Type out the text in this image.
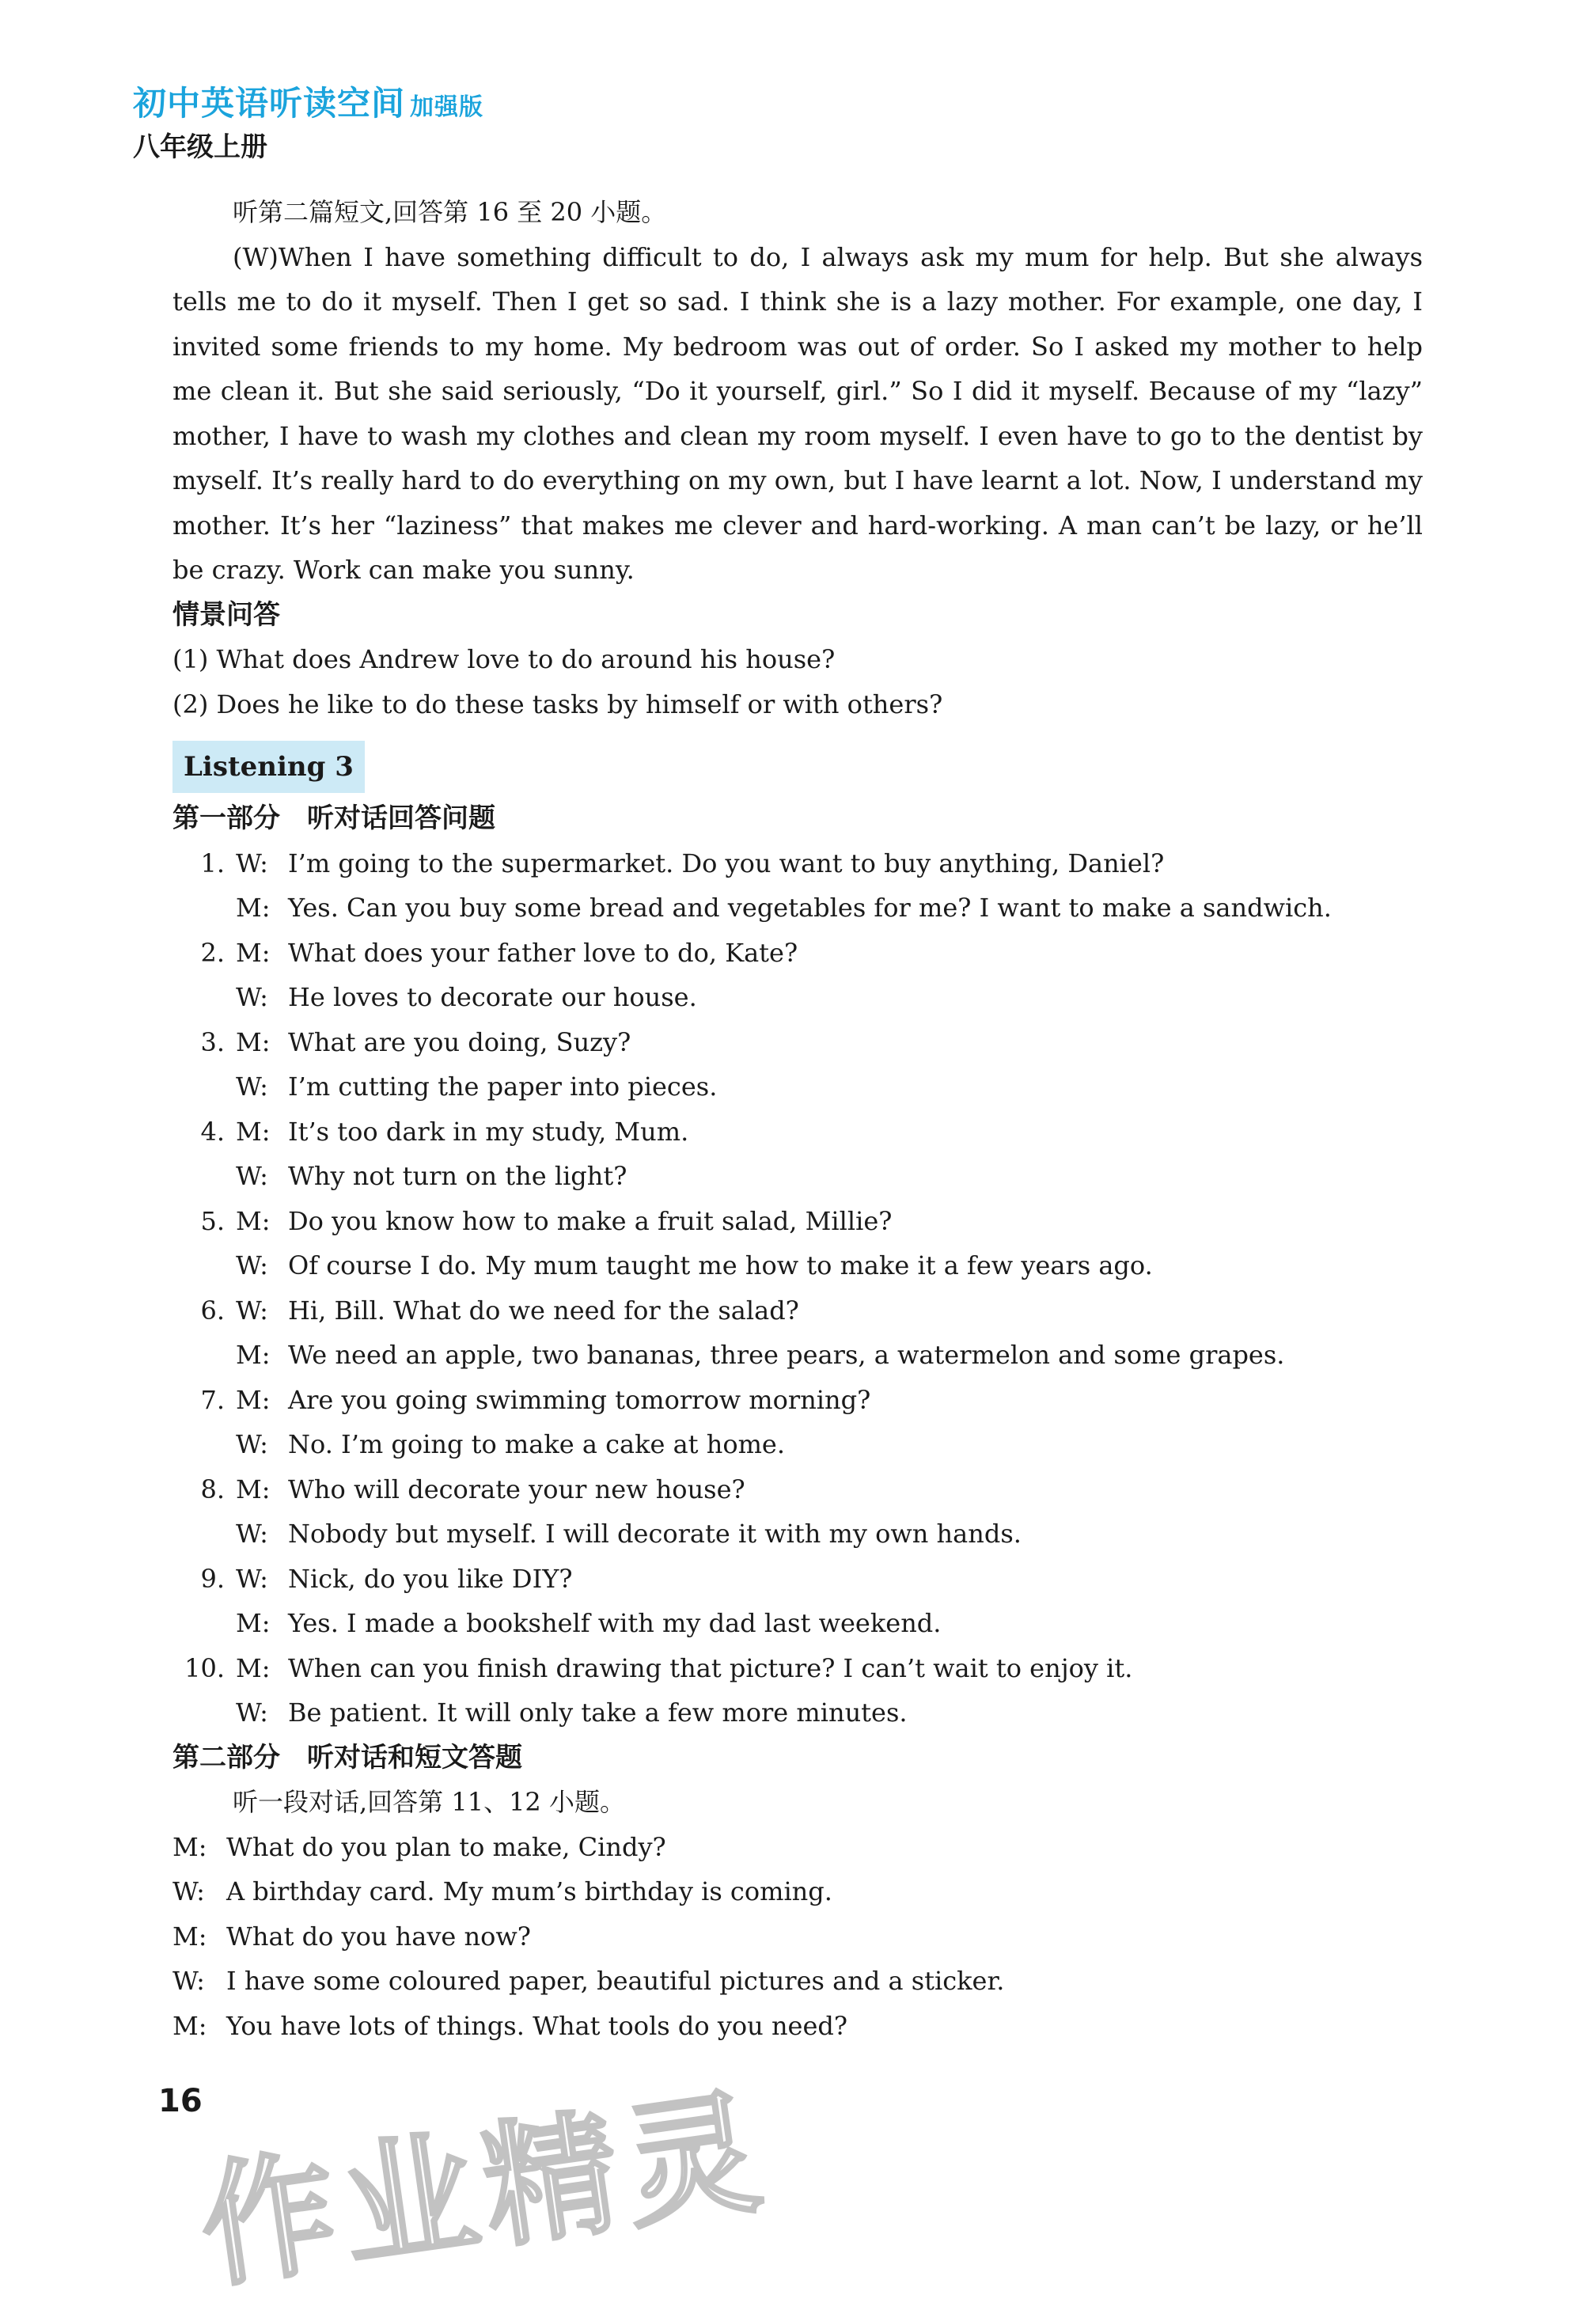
初中英语听读空间 加强版
八年级上册
听第二篇短文,回答第 16 至 20 小题。
(W)When I have something difficult to do, I always ask my mum for help. But she always tells me to do it myself. Then I get so sad. I think she is a lazy mother. For example, one day, I invited some friends to my home. My bedroom was out of order. So I asked my mother to help me clean it. But she said seriously, “Do it yourself, girl.” So I did it myself. Because of my “lazy” mother, I have to wash my clothes and clean my room myself. I even have to go to the dentist by myself. It’s really hard to do everything on my own, but I have learnt a lot. Now, I understand my mother. It’s her “laziness” that makes me clever and hard-working. A man can’t be lazy, or he’ll be crazy. Work can make you sunny.
情景问答
(1) What does Andrew love to do around his house?
(2) Does he like to do these tasks by himself or with others?
Listening 3
第一部分　听对话回答问题
1. W: I’m going to the supermarket. Do you want to buy anything, Daniel?
M: Yes. Can you buy some bread and vegetables for me? I want to make a sandwich.
2. M: What does your father love to do, Kate?
W: He loves to decorate our house.
3. M: What are you doing, Suzy?
W: I’m cutting the paper into pieces.
4. M: It’s too dark in my study, Mum.
W: Why not turn on the light?
5. M: Do you know how to make a fruit salad, Millie?
W: Of course I do. My mum taught me how to make it a few years ago.
6. W: Hi, Bill. What do we need for the salad?
M: We need an apple, two bananas, three pears, a watermelon and some grapes.
7. M: Are you going swimming tomorrow morning?
W: No. I’m going to make a cake at home.
8. M: Who will decorate your new house?
W: Nobody but myself. I will decorate it with my own hands.
9. W: Nick, do you like DIY?
M: Yes. I made a bookshelf with my dad last weekend.
10. M: When can you finish drawing that picture? I can’t wait to enjoy it.
W: Be patient. It will only take a few more minutes.
第二部分　听对话和短文答题
听一段对话,回答第 11、12 小题。
M: What do you plan to make, Cindy?
W: A birthday card. My mum’s birthday is coming.
M: What do you have now?
W: I have some coloured paper, beautiful pictures and a sticker.
M: You have lots of things. What tools do you need?
作业精灵
16
